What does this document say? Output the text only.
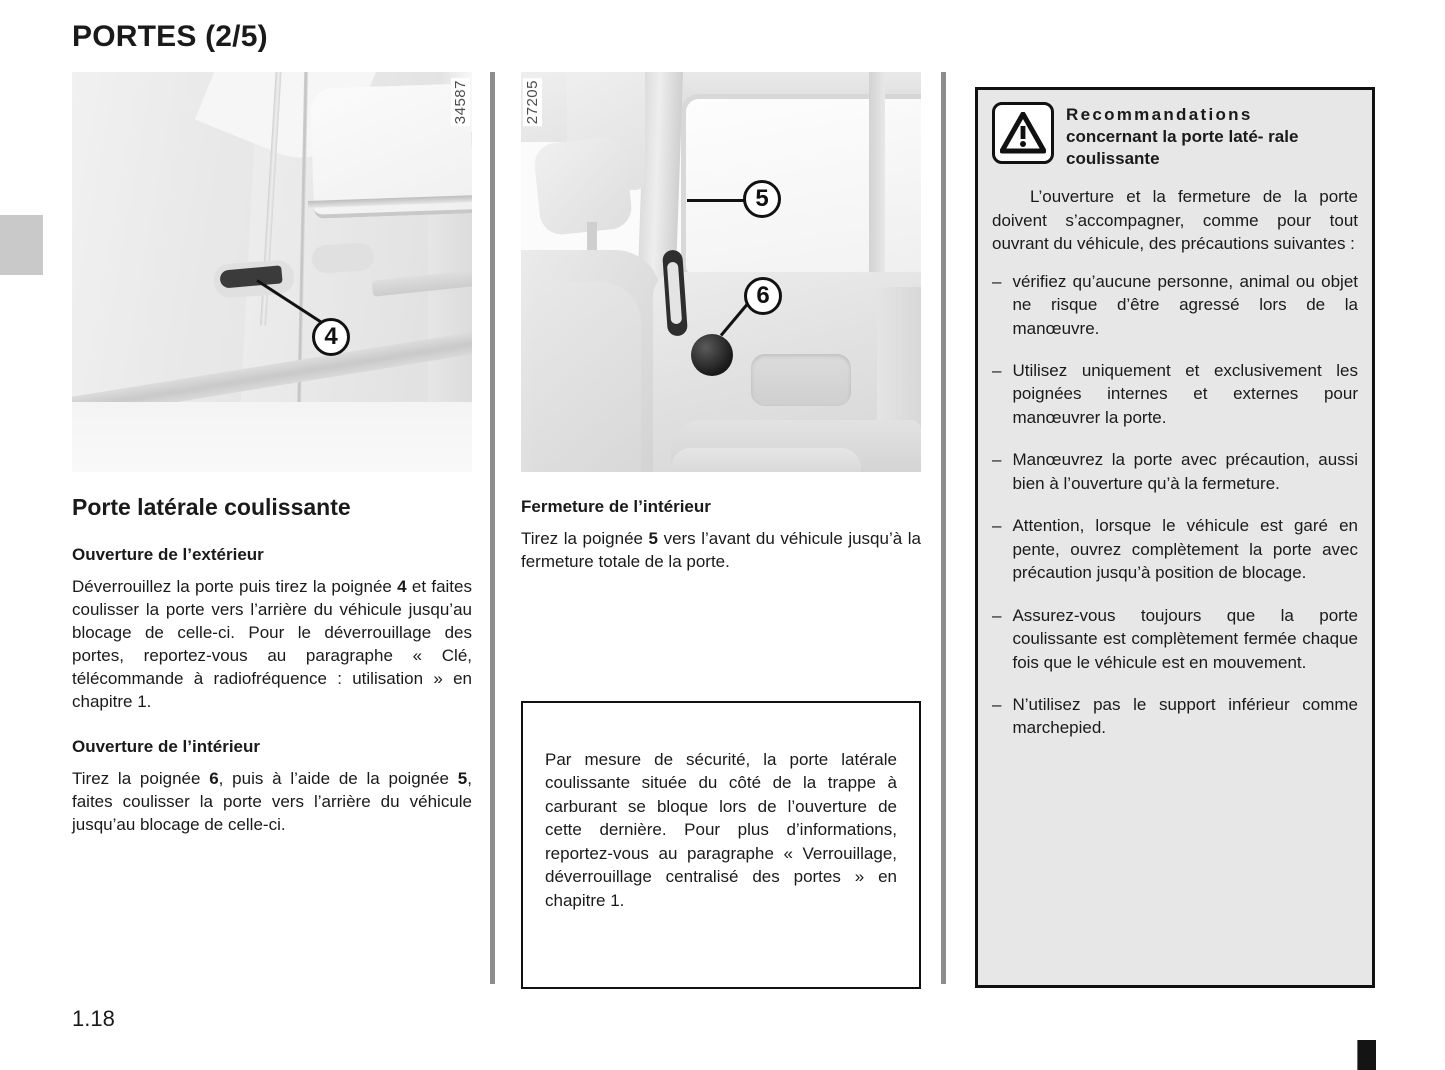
PORTES (2/5)
4
34587
Porte latérale coulissante
Ouverture de l’extérieur

Déverrouillez la porte puis tirez la poignée 4 et faites coulisser la porte vers l’arrière du véhicule jusqu’au blocage de celle-ci. Pour le déverrouillage des portes, reportez-vous au paragraphe « Clé, télécommande à radiofréquence : utilisation » en chapitre 1.

Ouverture de l’intérieur

Tirez la poignée 6, puis à l’aide de la poignée 5, faites coulisser la porte vers l’arrière du véhicule jusqu’au blocage de celle-ci.

5
6
27205
Fermeture de l’intérieur

Tirez la poignée 5 vers l’avant du véhicule jusqu’à la fermeture totale de la porte.

Par mesure de sécurité, la porte latérale coulissante située du côté de la trappe à carburant se bloque lors de l’ouverture de cette dernière. Pour plus d’informations, reportez-vous au paragraphe « Verrouillage, déverrouillage centralisé des portes » en chapitre 1.
Recommandations
concernant la porte laté- rale coulissante

L’ouverture et la fermeture de la porte doivent s’accompagner, comme pour tout ouvrant du véhicule, des précautions suivantes :

– vérifiez qu’aucune personne, animal ou objet ne risque d’être agressé lors de la manœuvre.
– Utilisez uniquement et exclusivement les poignées internes et externes pour manœuvrer la porte.
– Manœuvrez la porte avec précaution, aussi bien à l’ouverture qu’à la fermeture.
– Attention, lorsque le véhicule est garé en pente, ouvrez complètement la porte avec précaution jusqu’à position de blocage.
– Assurez-vous toujours que la porte coulissante est complètement fermée chaque fois que le véhicule est en mouvement.
– N’utilisez pas le support inférieur comme marchepied.
1.18
